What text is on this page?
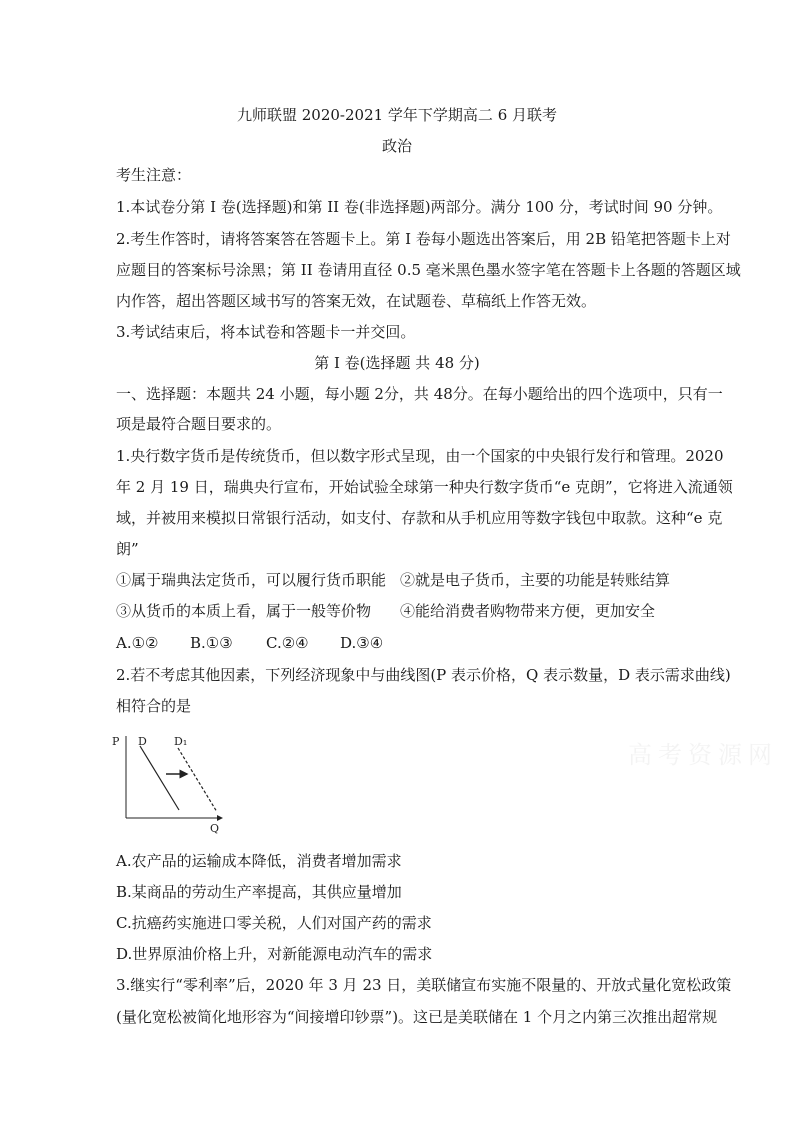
九师联盟 2020-2021 学年下学期高二 6 月联考
政治
考生注意：
1.本试卷分第 I 卷(选择题)和第 II 卷(非选择题)两部分。满分 100 分，考试时间 90 分钟。
2.考生作答时，请将答案答在答题卡上。第 I 卷每小题选出答案后，用 2B 铅笔把答题卡上对
应题目的答案标号涂黑；第 II 卷请用直径 0.5 毫米黑色墨水签字笔在答题卡上各题的答题区域
内作答，超出答题区域书写的答案无效，在试题卷、草稿纸上作答无效。
3.考试结束后，将本试卷和答题卡一并交回。
第 I 卷(选择题 共 48 分)
一、选择题：本题共 24 小题，每小题 2分，共 48分。在每小题给出的四个选项中，只有一
项是最符合题目要求的。
1.央行数字货币是传统货币，但以数字形式呈现，由一个国家的中央银行发行和管理。2020
年 2 月 19 日，瑞典央行宣布，开始试验全球第一种央行数字货币“e 克朗”，它将进入流通领
域，并被用来模拟日常银行活动，如支付、存款和从手机应用等数字钱包中取款。这种“e 克
朗”
①属于瑞典法定货币，可以履行货币职能 ②就是电子货币，主要的功能是转账结算
③从货币的本质上看，属于一般等价物 ④能给消费者购物带来方便，更加安全
A.①② B.①③ C.②④ D.③④
2.若不考虑其他因素，下列经济现象中与曲线图(P 表示价格，Q 表示数量，D 表示需求曲线)
相符合的是
P
Q
D D₁	高考资源网
A.农产品的运输成本降低，消费者增加需求
B.某商品的劳动生产率提高，其供应量增加
C.抗癌药实施进口零关税，人们对国产药的需求
D.世界原油价格上升，对新能源电动汽车的需求
3.继实行“零利率”后，2020 年 3 月 23 日，美联储宣布实施不限量的、开放式量化宽松政策
(量化宽松被简化地形容为“间接增印钞票”)。这已是美联储在 1 个月之内第三次推出超常规
